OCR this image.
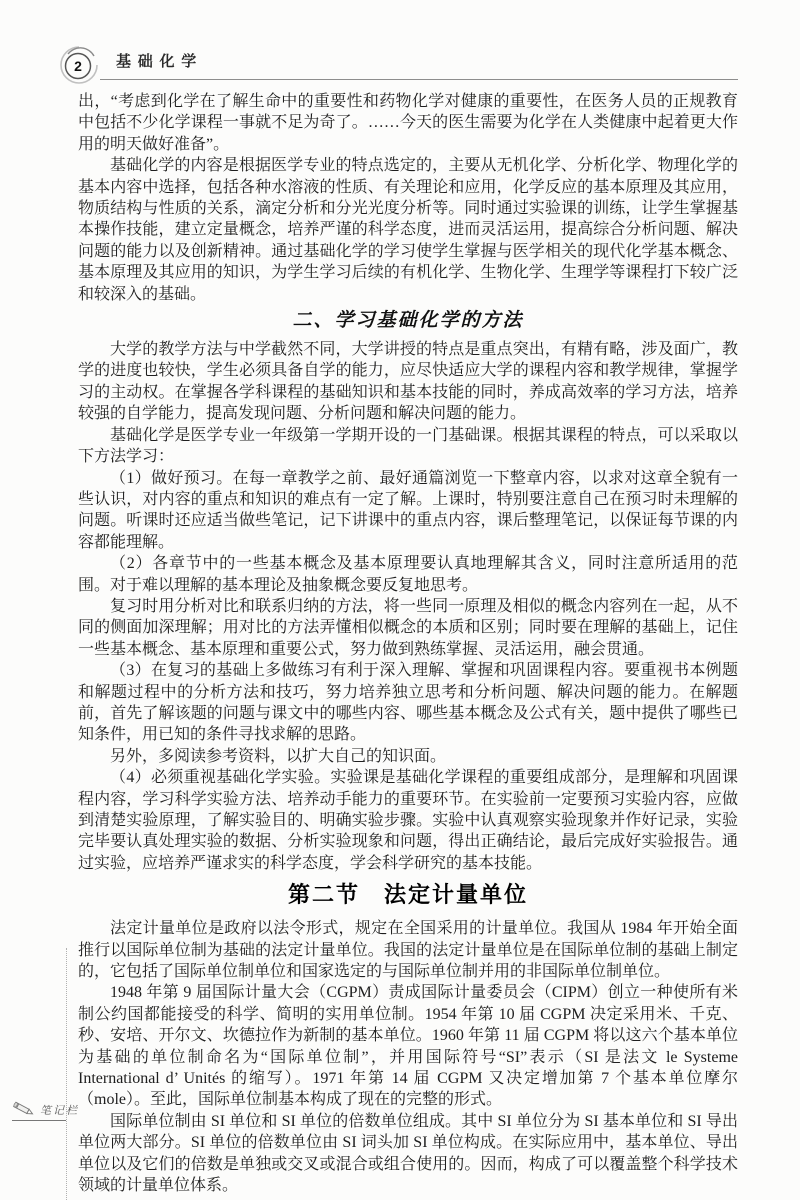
2 基础化学
笔记栏

出，“考虑到化学在了解生命中的重要性和药物化学对健康的重要性，在医务人员的正规教育中包括不少化学课程一事就不足为奇了。……今天的医生需要为化学在人类健康中起着更大作用的明天做好准备”。

基础化学的内容是根据医学专业的特点选定的，主要从无机化学、分析化学、物理化学的基本内容中选择，包括各种水溶液的性质、有关理论和应用，化学反应的基本原理及其应用，物质结构与性质的关系，滴定分析和分光光度分析等。同时通过实验课的训练，让学生掌握基本操作技能，建立定量概念，培养严谨的科学态度，进而灵活运用，提高综合分析问题、解决问题的能力以及创新精神。通过基础化学的学习使学生掌握与医学相关的现代化学基本概念、基本原理及其应用的知识，为学生学习后续的有机化学、生物化学、生理学等课程打下较广泛和较深入的基础。

二、学习基础化学的方法

大学的教学方法与中学截然不同，大学讲授的特点是重点突出，有精有略，涉及面广，教学的进度也较快，学生必须具备自学的能力，应尽快适应大学的课程内容和教学规律，掌握学习的主动权。在掌握各学科课程的基础知识和基本技能的同时，养成高效率的学习方法，培养较强的自学能力，提高发现问题、分析问题和解决问题的能力。

基础化学是医学专业一年级第一学期开设的一门基础课。根据其课程的特点，可以采取以下方法学习：

（1）做好预习。在每一章教学之前、最好通篇浏览一下整章内容，以求对这章全貌有一些认识，对内容的重点和知识的难点有一定了解。上课时，特别要注意自己在预习时未理解的问题。听课时还应适当做些笔记，记下讲课中的重点内容，课后整理笔记，以保证每节课的内容都能理解。

（2）各章节中的一些基本概念及基本原理要认真地理解其含义，同时注意所适用的范围。对于难以理解的基本理论及抽象概念要反复地思考。

复习时用分析对比和联系归纳的方法，将一些同一原理及相似的概念内容列在一起，从不同的侧面加深理解；用对比的方法弄懂相似概念的本质和区别；同时要在理解的基础上，记住一些基本概念、基本原理和重要公式，努力做到熟练掌握、灵活运用，融会贯通。

（3）在复习的基础上多做练习有利于深入理解、掌握和巩固课程内容。要重视书本例题和解题过程中的分析方法和技巧，努力培养独立思考和分析问题、解决问题的能力。在解题前，首先了解该题的问题与课文中的哪些内容、哪些基本概念及公式有关，题中提供了哪些已知条件，用已知的条件寻找求解的思路。

另外，多阅读参考资料，以扩大自己的知识面。

（4）必须重视基础化学实验。实验课是基础化学课程的重要组成部分，是理解和巩固课程内容，学习科学实验方法、培养动手能力的重要环节。在实验前一定要预习实验内容，应做到清楚实验原理，了解实验目的、明确实验步骤。实验中认真观察实验现象并作好记录，实验完毕要认真处理实验的数据、分析实验现象和问题，得出正确结论，最后完成好实验报告。通过实验，应培养严谨求实的科学态度，学会科学研究的基本技能。

第二节　法定计量单位

法定计量单位是政府以法令形式，规定在全国采用的计量单位。我国从 1984 年开始全面推行以国际单位制为基础的法定计量单位。我国的法定计量单位是在国际单位制的基础上制定的，它包括了国际单位制单位和国家选定的与国际单位制并用的非国际单位制单位。

1948 年第 9 届国际计量大会（CGPM）责成国际计量委员会（CIPM）创立一种使所有米制公约国都能接受的科学、简明的实用单位制。1954 年第 10 届 CGPM 决定采用米、千克、秒、安培、开尔文、坎德拉作为新制的基本单位。1960 年第 11 届 CGPM 将以这六个基本单位为基础的单位制命名为“国际单位制”，并用国际符号“SI”表示（SI 是法文 le Systeme International d’ Unités 的缩写）。1971 年第 14 届 CGPM 又决定增加第 7 个基本单位摩尔（mole）。至此，国际单位制基本构成了现在的完整的形式。

国际单位制由 SI 单位和 SI 单位的倍数单位组成。其中 SI 单位分为 SI 基本单位和 SI 导出单位两大部分。SI 单位的倍数单位由 SI 词头加 SI 单位构成。在实际应用中，基本单位、导出单位以及它们的倍数是单独或交叉或混合或组合使用的。因而，构成了可以覆盖整个科学技术领域的计量单位体系。
